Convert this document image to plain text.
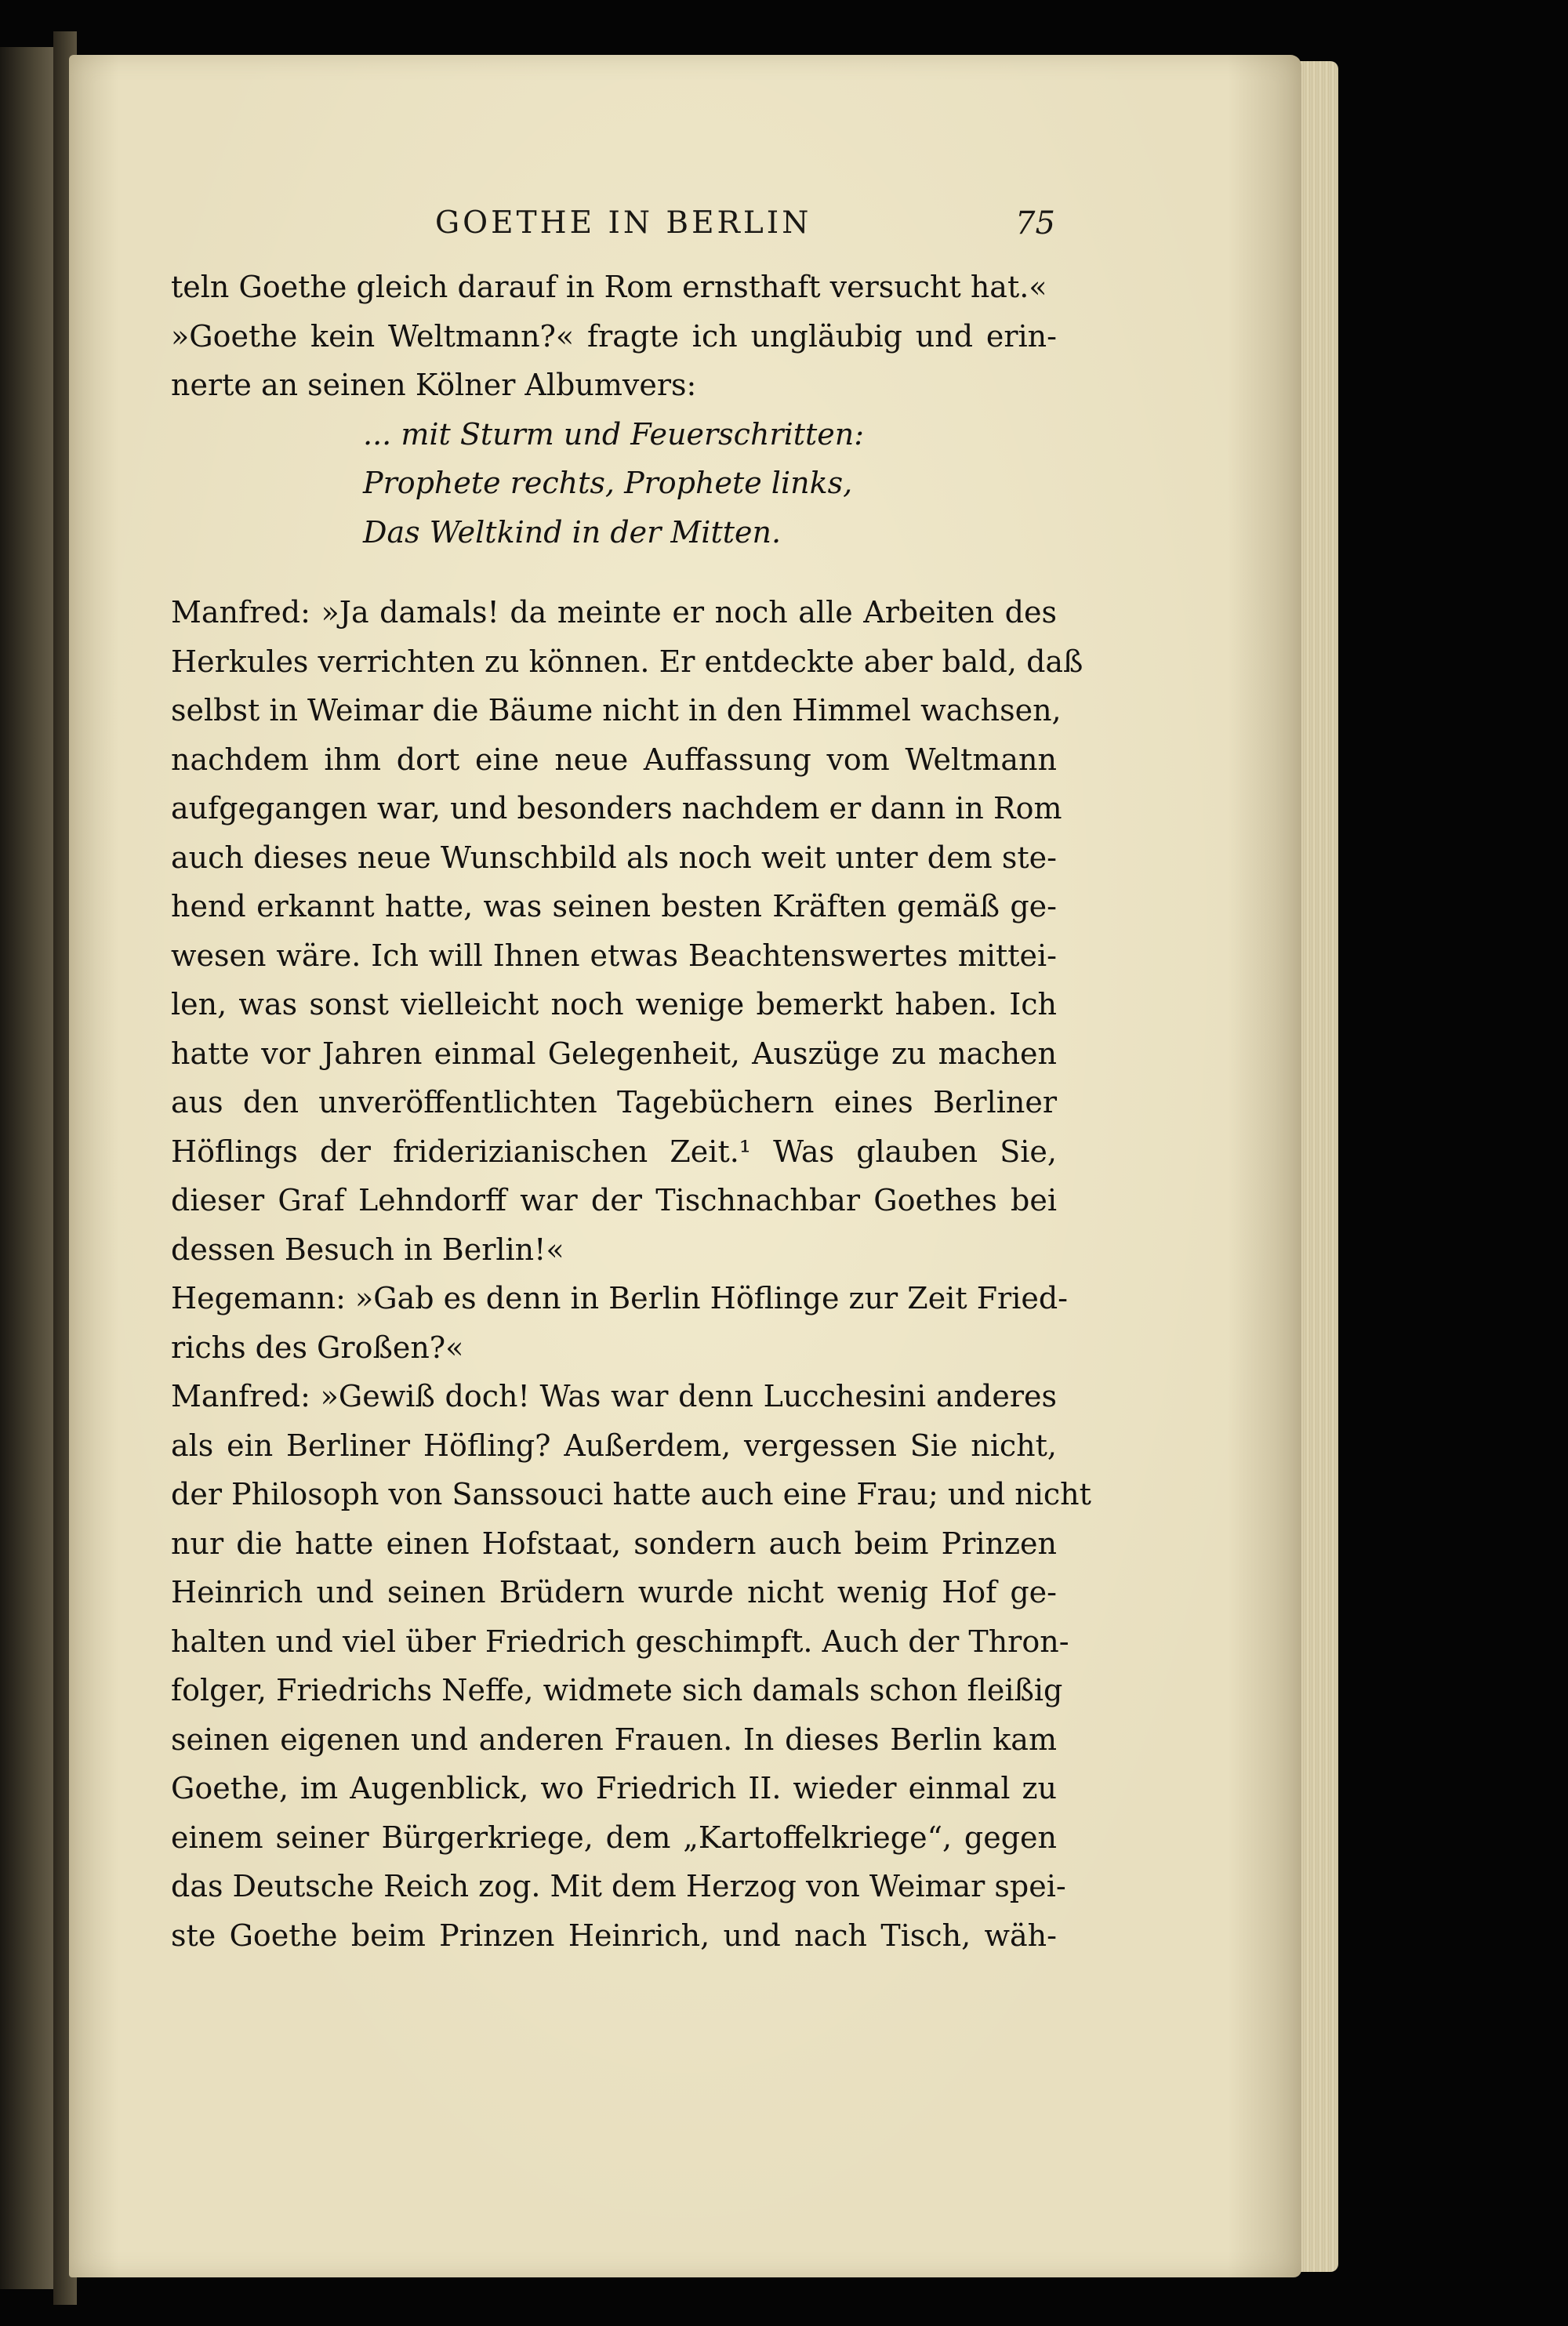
GOETHE IN BERLIN	75
teln Goethe gleich darauf in Rom ernsthaft versucht hat.«
»Goethe kein Weltmann?« fragte ich ungläubig und erin-
nerte an seinen Kölner Albumvers:
... mit Sturm und Feuerschritten:
Prophete rechts, Prophete links,
Das Weltkind in der Mitten.
Manfred: »Ja damals! da meinte er noch alle Arbeiten des
Herkules verrichten zu können. Er entdeckte aber bald, daß
selbst in Weimar die Bäume nicht in den Himmel wachsen,
nachdem ihm dort eine neue Auffassung vom Weltmann
aufgegangen war, und besonders nachdem er dann in Rom
auch dieses neue Wunschbild als noch weit unter dem ste-
hend erkannt hatte, was seinen besten Kräften gemäß ge-
wesen wäre. Ich will Ihnen etwas Beachtenswertes mittei-
len, was sonst vielleicht noch wenige bemerkt haben. Ich
hatte vor Jahren einmal Gelegenheit, Auszüge zu machen
aus den unveröffentlichten Tagebüchern eines Berliner
Höflings der friderizianischen Zeit.¹ Was glauben Sie,
dieser Graf Lehndorff war der Tischnachbar Goethes bei
dessen Besuch in Berlin!«
Hegemann: »Gab es denn in Berlin Höflinge zur Zeit Fried-
richs des Großen?«
Manfred: »Gewiß doch! Was war denn Lucchesini anderes
als ein Berliner Höfling? Außerdem, vergessen Sie nicht,
der Philosoph von Sanssouci hatte auch eine Frau; und nicht
nur die hatte einen Hofstaat, sondern auch beim Prinzen
Heinrich und seinen Brüdern wurde nicht wenig Hof ge-
halten und viel über Friedrich geschimpft. Auch der Thron-
folger, Friedrichs Neffe, widmete sich damals schon fleißig
seinen eigenen und anderen Frauen. In dieses Berlin kam
Goethe, im Augenblick, wo Friedrich II. wieder einmal zu
einem seiner Bürgerkriege, dem „Kartoffelkriege“, gegen
das Deutsche Reich zog. Mit dem Herzog von Weimar spei-
ste Goethe beim Prinzen Heinrich, und nach Tisch, wäh-
